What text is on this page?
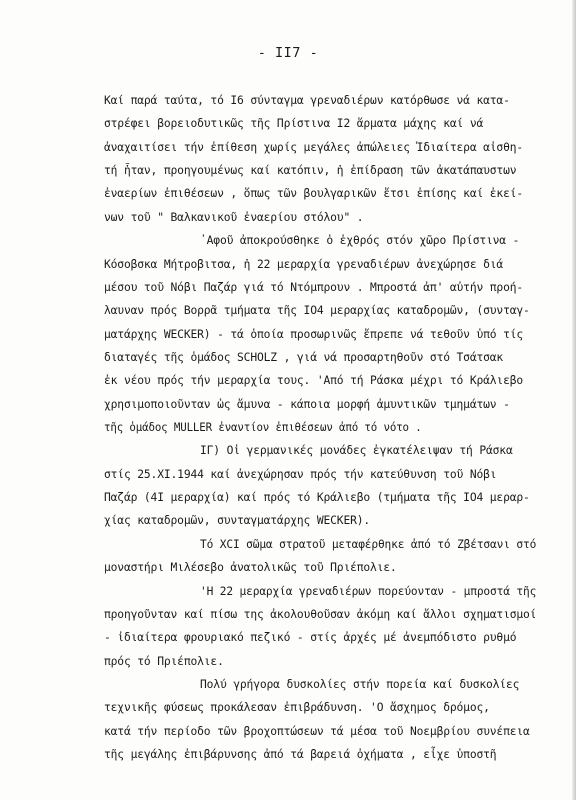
- II7 -
Καί παρά ταύτα, τό I6 σύνταγμα γρεναδιέρων κατόρθωσε νά κατα-
στρέφει βορειοδυτικῶς τῆς Πρίστινα I2 ἅρματα μάχης καί νά
ἀναχαιτίσει τήν ἐπίθεση χωρίς μεγάλες ἀπώλειες Ἰδιαίτερα αἰσθη-
τή ἦταν, προηγουμένως καί κατόπιν, ἡ ἐπίδραση τῶν ἀκατάπαυστων
ἐναερίων ἐπιθέσεων , ὅπως τῶν βουλγαρικῶν ἔτσι ἐπίσης καί ἐκεί-
νων τοῦ " Βαλκανικοῦ ἐναερίου στόλου" .
᾿Αφοῦ ἀποκρούσθηκε ὁ ἐχθρός στόν χῶρο Πρίστινα -
Κόσοβσκα Μήτροβιτσα, ἡ 22 μεραρχία γρεναδιέρων ἀνεχώρησε διά
μέσου τοῦ Νόβι Παζάρ γιά τό Ντόμπρουν . Μπροστά ἀπ' αὐτήν προή-
λαυναν πρός Βορρᾶ τμήματα τῆς IO4 μεραρχίας καταδρομῶν, (συνταγ-
ματάρχης WECKER) - τά ὁποία προσωρινῶς ἔπρεπε νά τεθοῦν ὑπό τίς
διαταγές τῆς ὁμάδος SCHOLZ , γιά νά προσαρτηθοῦν στό Τσάτσακ
ἐκ νέου πρός τήν μεραρχία τους. 'Από τή Ράσκα μέχρι τό Κράλιεβο
χρησιμοποιοῦνταν ὡς ἄμυνα - κάποια μορφή ἀμυντικῶν τμημάτων -
τῆς ὁμάδος MULLER ἐναντίον ἐπιθέσεων ἀπό τό νότο .
ΙΓ) Οἱ γερμανικές μονάδες ἐγκατέλειψαν τή Ράσκα
στίς 25.XI.1944 καί ἀνεχώρησαν πρός τήν κατεύθυνση τοῦ Νόβι
Παζάρ (4I μεραρχία) καί πρός τό Κράλιεβο (τμήματα τῆς IO4 μεραρ-
χίας καταδρομῶν, συνταγματάρχης WECKER).
Τό XCI σῶμα στρατοῦ μεταφέρθηκε ἀπό τό Ζβέτσανι στό
μοναστήρι Μιλέσεβο ἀνατολικῶς τοῦ Πριέπολιε.
'Η 22 μεραρχία γρεναδιέρων πορεύονταν - μπροστά τῆς
προηγοῦνταν καί πίσω της ἀκολουθοῦσαν ἀκόμη καί ἄλλοι σχηματισμοί
- ἰδιαίτερα φρουριακό πεζικό - στίς ἀρχές μέ ἀνεμπόδιστο ρυθμό
πρός τό Πριέπολιε.
Πολύ γρήγορα δυσκολίες στήν πορεία καί δυσκολίες
τεχνικῆς φύσεως προκάλεσαν ἐπιβράδυνση. 'Ο ἄσχημος δρόμος,
κατά τήν περίοδο τῶν βροχοπτώσεων τά μέσα τοῦ Νοεμβρίου συνέπεια
τῆς μεγάλης ἐπιβάρυνσης ἀπό τά βαρειά ὀχήματα , εἶχε ὑποστῆ
